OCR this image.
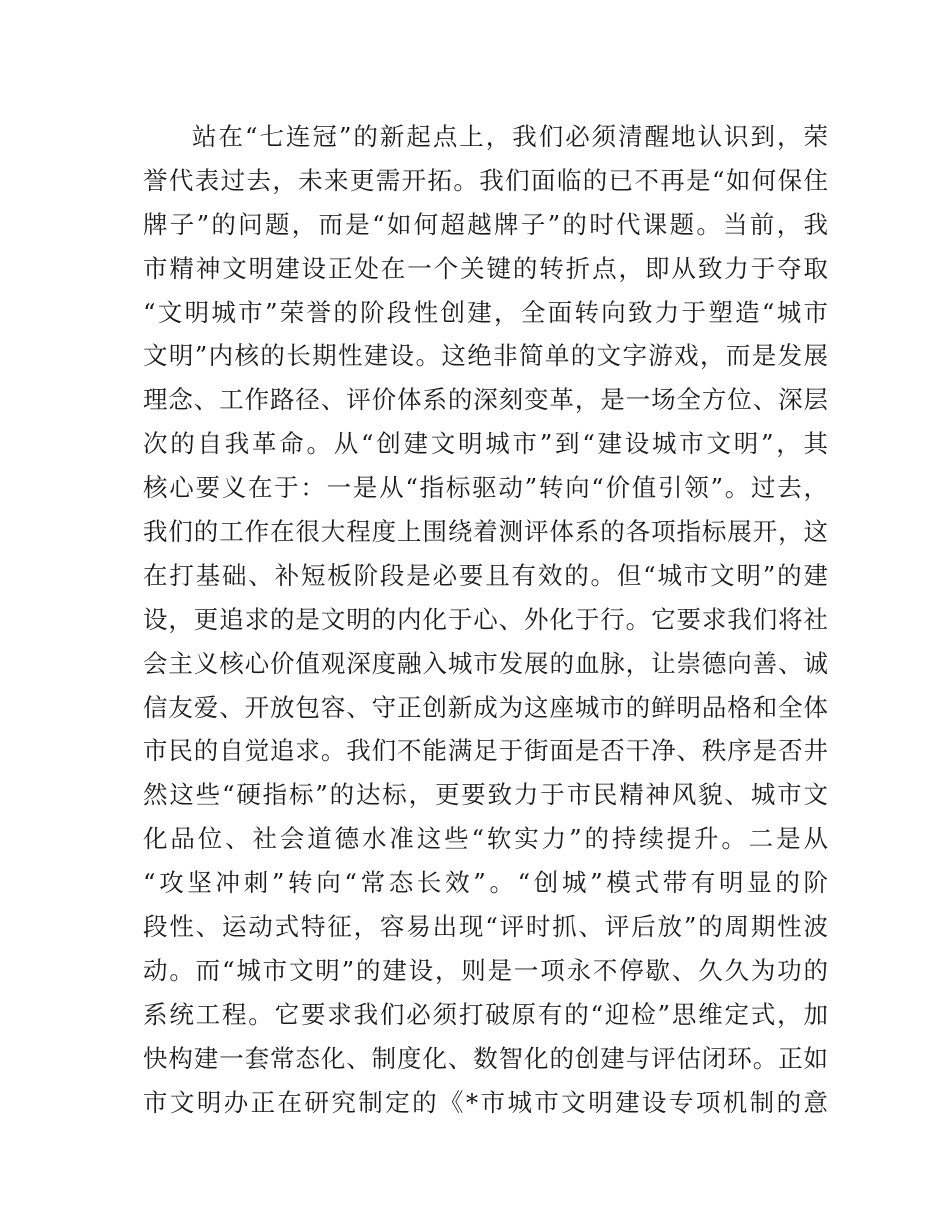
站在“七连冠”的新起点上，我们必须清醒地认识到，荣
誉代表过去，未来更需开拓。我们面临的已不再是“如何保住
牌子”的问题，而是“如何超越牌子”的时代课题。当前，我
市精神文明建设正处在一个关键的转折点，即从致力于夺取
“文明城市”荣誉的阶段性创建，全面转向致力于塑造“城市
文明”内核的长期性建设。这绝非简单的文字游戏，而是发展
理念、工作路径、评价体系的深刻变革，是一场全方位、深层
次的自我革命。从“创建文明城市”到“建设城市文明”，其
核心要义在于：一是从“指标驱动”转向“价值引领”。过去，
我们的工作在很大程度上围绕着测评体系的各项指标展开，这
在打基础、补短板阶段是必要且有效的。但“城市文明”的建
设，更追求的是文明的内化于心、外化于行。它要求我们将社
会主义核心价值观深度融入城市发展的血脉，让崇德向善、诚
信友爱、开放包容、守正创新成为这座城市的鲜明品格和全体
市民的自觉追求。我们不能满足于街面是否干净、秩序是否井
然这些“硬指标”的达标，更要致力于市民精神风貌、城市文
化品位、社会道德水准这些“软实力”的持续提升。二是从
“攻坚冲刺”转向“常态长效”。“创城”模式带有明显的阶
段性、运动式特征，容易出现“评时抓、评后放”的周期性波
动。而“城市文明”的建设，则是一项永不停歇、久久为功的
系统工程。它要求我们必须打破原有的“迎检”思维定式，加
快构建一套常态化、制度化、数智化的创建与评估闭环。正如
市文明办正在研究制定的《*市城市文明建设专项机制的意
